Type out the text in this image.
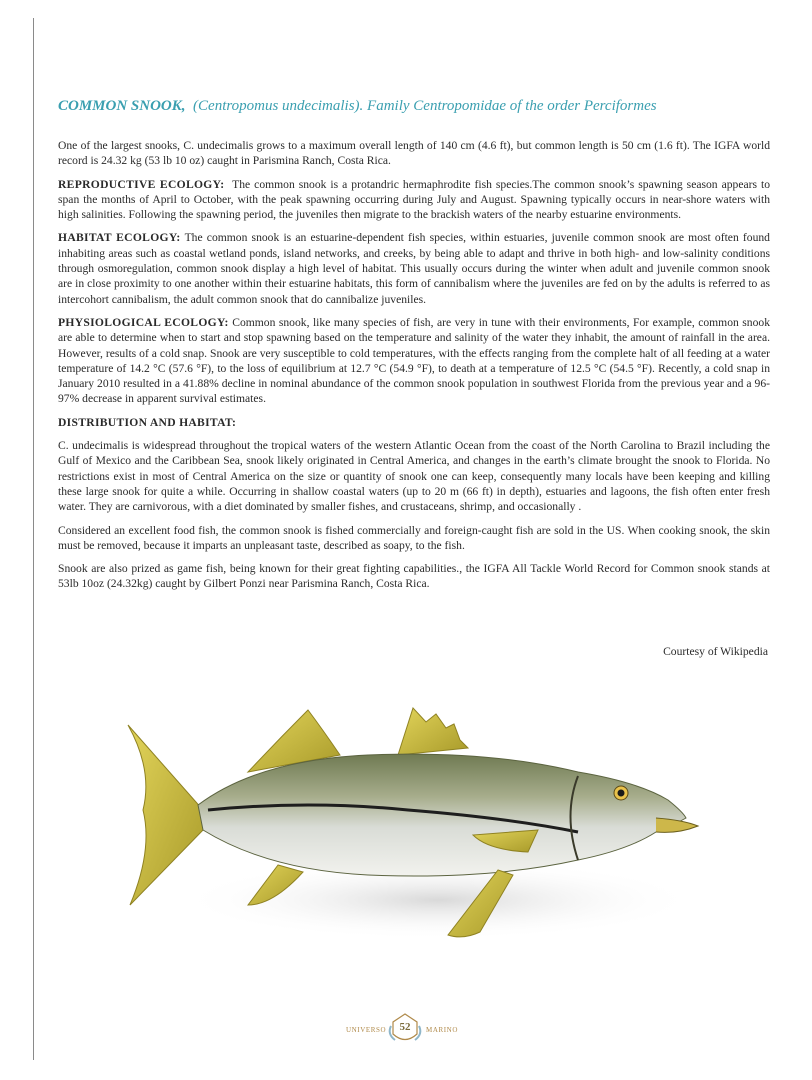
COMMON SNOOK, (Centropomus undecimalis). Family Centropomidae of the order Perciformes

One of the largest snooks, C. undecimalis grows to a maximum overall length of 140 cm (4.6 ft), but common length is 50 cm (1.6 ft). The IGFA world record is 24.32 kg (53 lb 10 oz) caught in Parismina Ranch, Costa Rica.

REPRODUCTIVE ECOLOGY: The common snook is a protandric hermaphrodite fish species.The common snook’s spawning season appears to span the months of April to October, with the peak spawning occurring during July and August. Spawning typically occurs in near-shore waters with high salinities. Following the spawning period, the juveniles then migrate to the brackish waters of the nearby estuarine environments.

HABITAT ECOLOGY: The common snook is an estuarine-dependent fish species, within estuaries, juvenile common snook are most often found inhabiting areas such as coastal wetland ponds, island networks, and creeks, by being able to adapt and thrive in both high- and low-salinity conditions through osmoregulation, common snook display a high level of habitat. This usually occurs during the winter when adult and juvenile common snook are in close proximity to one another within their estuarine habitats, this form of cannibalism where the juveniles are fed on by the adults is referred to as intercohort cannibalism, the adult common snook that do cannibalize juveniles.

PHYSIOLOGICAL ECOLOGY: Common snook, like many species of fish, are very in tune with their environments, For example, common snook are able to determine when to start and stop spawning based on the temperature and salinity of the water they inhabit, the amount of rainfall in the area. However, results of a cold snap. Snook are very susceptible to cold temperatures, with the effects ranging from the complete halt of all feeding at a water temperature of 14.2 °C (57.6 °F), to the loss of equilibrium at 12.7 °C (54.9 °F), to death at a temperature of 12.5 °C (54.5 °F). Recently, a cold snap in January 2010 resulted in a 41.88% decline in nominal abundance of the common snook population in southwest Florida from the previous year and a 96-97% decrease in apparent survival estimates.

DISTRIBUTION AND HABITAT:

C. undecimalis is widespread throughout the tropical waters of the western Atlantic Ocean from the coast of the North Carolina to Brazil including the Gulf of Mexico and the Caribbean Sea, snook likely originated in Central America, and changes in the earth’s climate brought the snook to Florida. No restrictions exist in most of Central America on the size or quantity of snook one can keep, consequently many locals have been keeping and killing these large snook for quite a while. Occurring in shallow coastal waters (up to 20 m (66 ft) in depth), estuaries and lagoons, the fish often enter fresh water. They are carnivorous, with a diet dominated by smaller fishes, and crustaceans, shrimp, and occasionally .

Considered an excellent food fish, the common snook is fished commercially and foreign-caught fish are sold in the US. When cooking snook, the skin must be removed, because it imparts an unpleasant taste, described as soapy, to the fish.

Snook are also prized as game fish, being known for their great fighting capabilities., the IGFA All Tackle World Record for Common snook stands at 53lb 10oz (24.32kg) caught by Gilbert Ponzi near Parismina Ranch, Costa Rica.

Courtesy of Wikipedia
UNIVERSO	52	MARINO
